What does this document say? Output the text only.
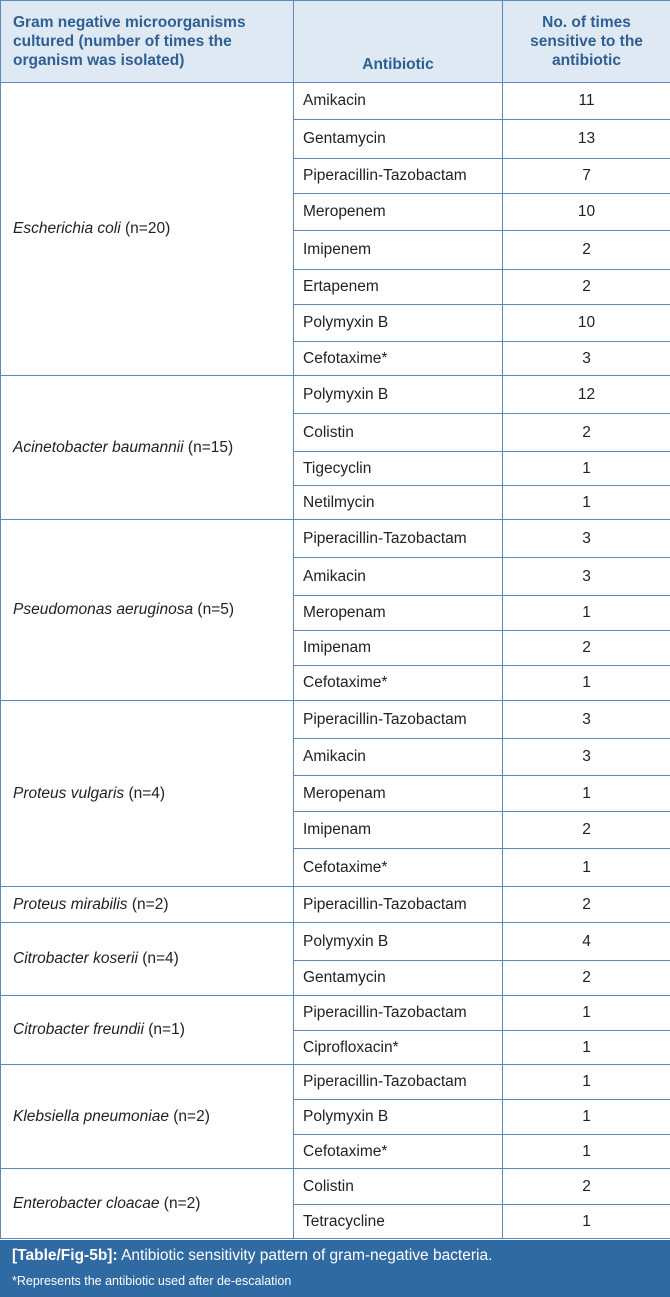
Gram negative microorganisms cultured (number of times the organism was isolated)	Antibiotic	No. of times sensitive to the antibiotic
Escherichia coli (n=20)	Amikacin	11
	Gentamycin	13
	Piperacillin-Tazobactam	7
	Meropenem	10
	Imipenem	2
	Ertapenem	2
	Polymyxin B	10
	Cefotaxime*	3
Acinetobacter baumannii (n=15)	Polymyxin B	12
	Colistin	2
	Tigecyclin	1
	Netilmycin	1
Pseudomonas aeruginosa (n=5)	Piperacillin-Tazobactam	3
	Amikacin	3
	Meropenam	1
	Imipenam	2
	Cefotaxime*	1
Proteus vulgaris (n=4)	Piperacillin-Tazobactam	3
	Amikacin	3
	Meropenam	1
	Imipenam	2
	Cefotaxime*	1
Proteus mirabilis (n=2)	Piperacillin-Tazobactam	2
Citrobacter koserii (n=4)	Polymyxin B	4
	Gentamycin	2
Citrobacter freundii (n=1)	Piperacillin-Tazobactam	1
	Ciprofloxacin*	1
Klebsiella pneumoniae (n=2)	Piperacillin-Tazobactam	1
	Polymyxin B	1
	Cefotaxime*	1
Enterobacter cloacae (n=2)	Colistin	2
	Tetracycline	1
[Table/Fig-5b]: Antibiotic sensitivity pattern of gram-negative bacteria.
*Represents the antibiotic used after de-escalation
